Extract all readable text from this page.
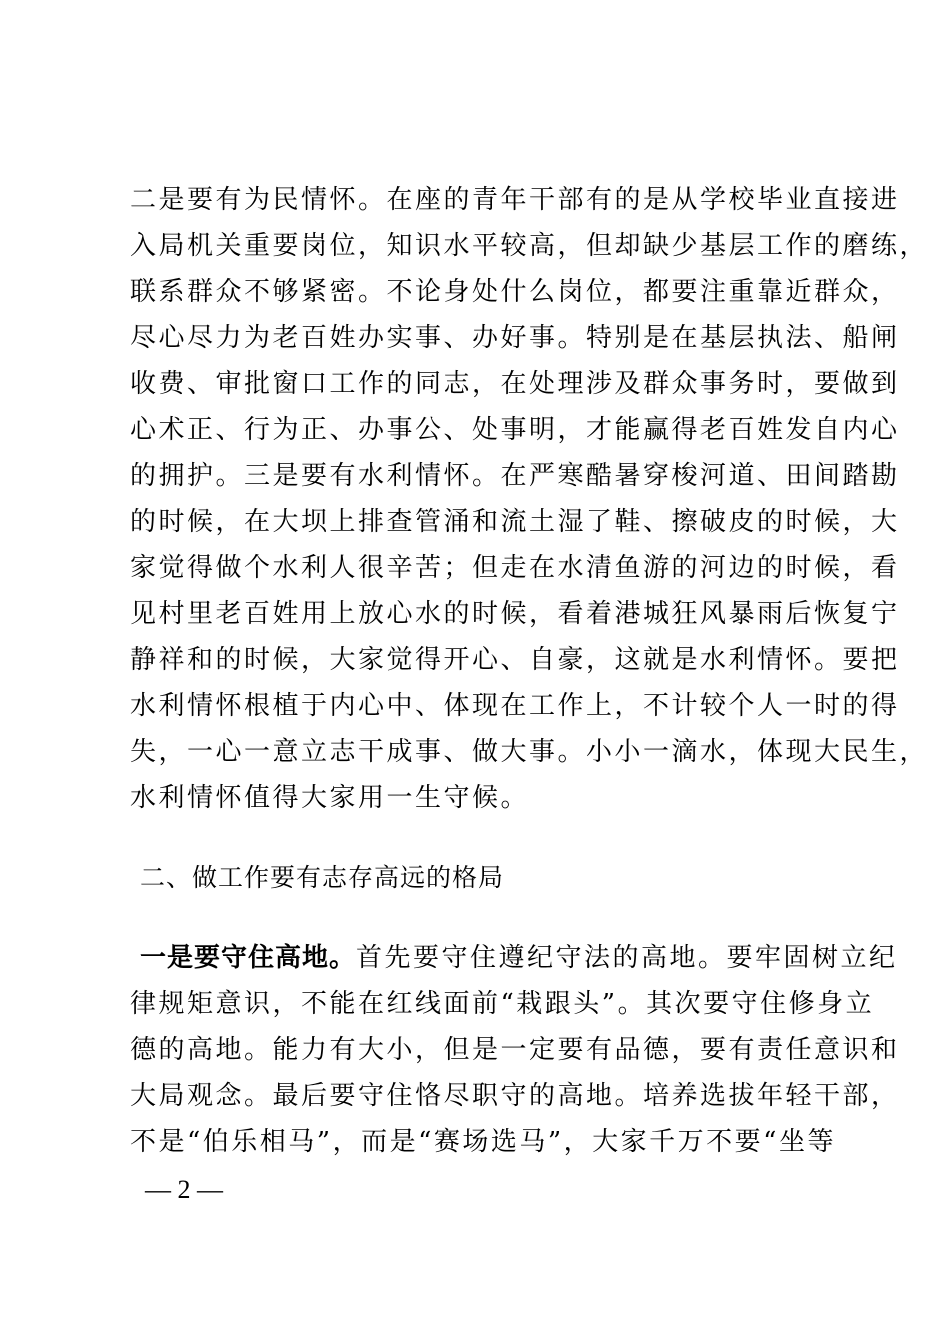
二是要有为民情怀。在座的青年干部有的是从学校毕业直接进
入局机关重要岗位，知识水平较高，但却缺少基层工作的磨练，
联系群众不够紧密。不论身处什么岗位，都要注重靠近群众，
尽心尽力为老百姓办实事、办好事。特别是在基层执法、船闸
收费、审批窗口工作的同志，在处理涉及群众事务时，要做到
心术正、行为正、办事公、处事明，才能赢得老百姓发自内心
的拥护。三是要有水利情怀。在严寒酷暑穿梭河道、田间踏勘
的时候，在大坝上排查管涌和流土湿了鞋、擦破皮的时候，大
家觉得做个水利人很辛苦；但走在水清鱼游的河边的时候，看
见村里老百姓用上放心水的时候，看着港城狂风暴雨后恢复宁
静祥和的时候，大家觉得开心、自豪，这就是水利情怀。要把
水利情怀根植于内心中、体现在工作上，不计较个人一时的得
失，一心一意立志干成事、做大事。小小一滴水，体现大民生，
水利情怀值得大家用一生守候。
二、做工作要有志存高远的格局
一是要守住高地。首先要守住遵纪守法的高地。要牢固树立纪
律规矩意识，不能在红线面前“栽跟头”。其次要守住修身立
德的高地。能力有大小，但是一定要有品德，要有责任意识和
大局观念。最后要守住恪尽职守的高地。培养选拔年轻干部，
不是“伯乐相马”，而是“赛场选马”，大家千万不要“坐等
— 2 —
